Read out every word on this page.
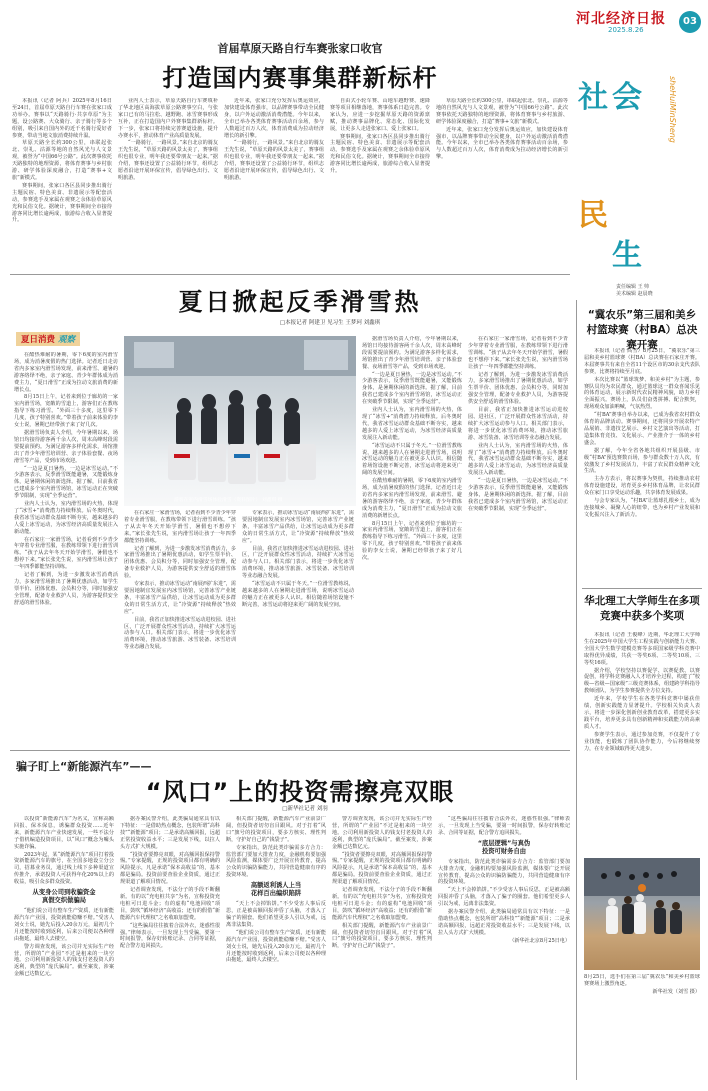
河北经济日报
2025.8.26
03
社 会
民
生
sheHuiMinSheng
责任编辑 王 帅
美术编辑 赵晨晓
首届草原天路自行车赛张家口收官
打造国内赛事集群新标杆

本报讯（记者 阿兵）2025年8月16日至24日，首届草原天路自行车赛在张家口成功举办。赛事以“天路骑行·共享草原”为主题，设公路赛、大众骑行、亲子骑行等多个组别，吸引来自国内外的近千名骑行爱好者参赛，带动当地文旅消费持续升温。

草原天路全长约300公里，串联起张北、崇礼、沽源等地的自然风光与人文景观，被誉为“中国66号公路”。此次赛事依托天路独特的地理资源，将体育赛事与乡村旅游、研学体验深度融合，打造“赛事+文旅”新模式。

赛事期间，张家口各区县同步推出骑行主题民宿、特色美食、非遗展示等配套活动，参赛选手及家属在观赛之余体验草原风光和民俗文化。据统计，赛事期间全市接待游客同比增长逾两成，旅游综合收入显著提升。

业内人士表示，草原天路自行车赛填补了华北地区高海拔草原公路赛事空白，与张家口已有的马拉松、越野跑、冰雪赛事形成互补，正在打造国内户外赛事集群新标杆。下一步，张家口将持续完善赛道设施，提升办赛水平，推动体育产业高质量发展。

“一路骑行，一路风景。”来自北京的骑友王先生说，“草原天路的风景太美了，赛事组织也很专业，明年我还要带朋友一起来。”据介绍，赛事还设置了公益骑行环节，组织志愿者沿途开展环保宣传，倡导绿色出行、文明旅游。

近年来，张家口充分发挥后奥运效应，加快建设体育强市，以品牌赛事带动全民健身，以户外运动激活消费潜能。今年以来，全市已举办各类体育赛事活动百余场，参与人数超过百万人次，体育消费成为拉动经济增长的新引擎。

“一路骑行，一路风景。”来自北京的骑友王先生说，“草原天路的风景太美了，赛事组织也很专业，明年我还要带朋友一起来。”据介绍，赛事还设置了公益骑行环节，组织志愿者沿途开展环保宣传，倡导绿色出行、文明旅游。

自由式小轮车赛、山地车越野赛、速降赛等项目相继落地，赛事体系日趋完善。专家认为，应进一步挖掘草原天路的资源禀赋，推动赛事品牌化、常态化、国际化发展，让更多人走进张家口、爱上张家口。

赛事期间，张家口各区县同步推出骑行主题民宿、特色美食、非遗展示等配套活动，参赛选手及家属在观赛之余体验草原风光和民俗文化。据统计，赛事期间全市接待游客同比增长逾两成，旅游综合收入显著提升。

草原天路全长约300公里，串联起张北、崇礼、沽源等地的自然风光与人文景观，被誉为“中国66号公路”。此次赛事依托天路独特的地理资源，将体育赛事与乡村旅游、研学体验深度融合，打造“赛事+文旅”新模式。

近年来，张家口充分发挥后奥运效应，加快建设体育强市，以品牌赛事带动全民健身，以户外运动激活消费潜能。今年以来，全市已举办各类体育赛事活动百余场，参与人数超过百万人次，体育消费成为拉动经济增长的新引擎。

夏日掀起反季滑雪热
□本报记者 阿建卫 见习生 王梦珂 刘鑫琪
夏日消费 观察

在酷热难耐的暑期，零下6度的室内滑雪场，成为消暑度假的热门选择。记者近日走访省内多家室内滑雪场发现，前来滑雪、避暑的游客络绎不绝，亲子家庭、青少年群体成为消费主力，“夏日滑雪”正成为拉动文旅消费的新增长点。

8月15日上午，记者来到位于廊坊的一家室内滑雪场，宽敞的雪道上，游客们正在教练指导下练习滑雪。“外面三十多度，这里零下几度，孩子特别喜欢。”带着孩子前来体验的李女士说，暑期已经带孩子来了好几次。

据滑雪场负责人介绍，今年暑期以来，场馆日均接待游客两千余人次，周末高峰时段需要提前预约。为满足游客多样化需求，场馆推出了青少年滑雪培训营、亲子体验套餐、夜场滑雪等产品，受到市场欢迎。

“一边是夏日暑热，一边是冰雪运动。”不少游客表示，反季滑雪既能避暑，又能锻炼身体，是暑期休闲的新选择。据了解，目前我省已建成多个室内滑雪场馆，冰雪运动正在突破季节限制，实现“全季运营”。

业内人士认为，室内滑雪场的火热，体现了“冰雪+”消费潜力持续释放。后冬奥时代，我省冰雪运动群众基础不断夯实，越来越多的人爱上冰雪运动，为冰雪经济高质量发展注入新动能。

在石家庄一家滑雪场，记者看到不少青少年穿着专业滑雪服，在教练带领下进行滑雪训练。“孩子从去年冬天开始学滑雪，暑假也不想停下来。”家长张先生说，室内滑雪场让孩子一年四季都能坚持训练。

记者了解到，为进一步激发冰雪消费活力，多家滑雪场推出了暑期优惠活动，如学生票半价、团体优惠、会员积分等，同时加强安全管理，配备专业救护人员，为游客提供安全舒适的滑雪体验。

游客在室内滑雪场体验滑雪（资料图片） 刘鑫琪 摄

在石家庄一家滑雪场，记者看到不少青少年穿着专业滑雪服，在教练带领下进行滑雪训练。“孩子从去年冬天开始学滑雪，暑假也不想停下来。”家长张先生说，室内滑雪场让孩子一年四季都能坚持训练。

记者了解到，为进一步激发冰雪消费活力，多家滑雪场推出了暑期优惠活动，如学生票半价、团体优惠、会员积分等，同时加强安全管理，配备专业救护人员，为游客提供安全舒适的滑雪体验。

专家表示，推动冰雪运动“南展西扩东进”，需要因地制宜发展室内冰雪场馆，完善冰雪产业链条，丰富冰雪产品供给，让冰雪运动成为更多群众的日常生活方式，让“冷资源”持续释放“热效应”。

目前，我省正加快推进冰雪运动进校园、进社区，广泛开展群众性冰雪活动，持续扩大冰雪运动参与人口。相关部门表示，将进一步优化冰雪消费环境，推动冰雪旅游、冰雪装备、冰雪培训等业态融合发展。

专家表示，推动冰雪运动“南展西扩东进”，需要因地制宜发展室内冰雪场馆，完善冰雪产业链条，丰富冰雪产品供给，让冰雪运动成为更多群众的日常生活方式，让“冷资源”持续释放“热效应”。

目前，我省正加快推进冰雪运动进校园、进社区，广泛开展群众性冰雪活动，持续扩大冰雪运动参与人口。相关部门表示，将进一步优化冰雪消费环境，推动冰雪旅游、冰雪装备、冰雪培训等业态融合发展。

“冰雪运动不只属于冬天。”一位滑雪教练说，越来越多的人在暑期走进滑雪场，说明冰雪运动的魅力正在被更多人认识。相信随着场馆设施不断完善，冰雪运动将迎来更广阔的发展空间。

据滑雪场负责人介绍，今年暑期以来，场馆日均接待游客两千余人次，周末高峰时段需要提前预约。为满足游客多样化需求，场馆推出了青少年滑雪培训营、亲子体验套餐、夜场滑雪等产品，受到市场欢迎。

“一边是夏日暑热，一边是冰雪运动。”不少游客表示，反季滑雪既能避暑，又能锻炼身体，是暑期休闲的新选择。据了解，目前我省已建成多个室内滑雪场馆，冰雪运动正在突破季节限制，实现“全季运营”。

业内人士认为，室内滑雪场的火热，体现了“冰雪+”消费潜力持续释放。后冬奥时代，我省冰雪运动群众基础不断夯实，越来越多的人爱上冰雪运动，为冰雪经济高质量发展注入新动能。

“冰雪运动不只属于冬天。”一位滑雪教练说，越来越多的人在暑期走进滑雪场，说明冰雪运动的魅力正在被更多人认识。相信随着场馆设施不断完善，冰雪运动将迎来更广阔的发展空间。

在酷热难耐的暑期，零下6度的室内滑雪场，成为消暑度假的热门选择。记者近日走访省内多家室内滑雪场发现，前来滑雪、避暑的游客络绎不绝，亲子家庭、青少年群体成为消费主力，“夏日滑雪”正成为拉动文旅消费的新增长点。

8月15日上午，记者来到位于廊坊的一家室内滑雪场，宽敞的雪道上，游客们正在教练指导下练习滑雪。“外面三十多度，这里零下几度，孩子特别喜欢。”带着孩子前来体验的李女士说，暑期已经带孩子来了好几次。

在石家庄一家滑雪场，记者看到不少青少年穿着专业滑雪服，在教练带领下进行滑雪训练。“孩子从去年冬天开始学滑雪，暑假也不想停下来。”家长张先生说，室内滑雪场让孩子一年四季都能坚持训练。

记者了解到，为进一步激发冰雪消费活力，多家滑雪场推出了暑期优惠活动，如学生票半价、团体优惠、会员积分等，同时加强安全管理，配备专业救护人员，为游客提供安全舒适的滑雪体验。

目前，我省正加快推进冰雪运动进校园、进社区，广泛开展群众性冰雪活动，持续扩大冰雪运动参与人口。相关部门表示，将进一步优化冰雪消费环境，推动冰雪旅游、冰雪装备、冰雪培训等业态融合发展。

业内人士认为，室内滑雪场的火热，体现了“冰雪+”消费潜力持续释放。后冬奥时代，我省冰雪运动群众基础不断夯实，越来越多的人爱上冰雪运动，为冰雪经济高质量发展注入新动能。

“一边是夏日暑热，一边是冰雪运动。”不少游客表示，反季滑雪既能避暑，又能锻炼身体，是暑期休闲的新选择。据了解，目前我省已建成多个室内滑雪场馆，冰雪运动正在突破季节限制，实现“全季运营”。

“冀农乐”第三届和美乡村篮球赛（村BA）总决赛开赛

本报讯（记者 高雪）8月25日，“冀农乐”第三届和美乡村篮球赛（村BA）总决赛在石家庄开赛。本届赛事共有来自全省11个设区市的30余支代表队参赛，比赛将持续至月底。

本次比赛以“篮球筑梦、和美乡村”为主题，参赛队员均为农民群众，通过篮球这一群众喜闻乐见的体育运动，展示新时代农民精神风貌，助力乡村全面振兴。赛场上，队员们奋勇拼搏、配合默契，现场观众加油呐喊，气氛热烈。

“村BA”赛事自举办以来，已成为我省农村群众体育的品牌活动。赛事期间，还将同步开展农特产品展销、非遗技艺展示、乡村文艺演出等活动，打造集体育竞技、文化展示、产业推介于一体的乡村盛会。

据了解，今年全省各地共组织开展县级、市级“村BA”预选赛数百场，参与群众数十万人次，有效激发了乡村发展活力，丰富了农民群众精神文化生活。

主办方表示，将以赛事为契机，持续推动农村体育设施建设，培育更多乡村体育品牌，让农民群众在家门口享受运动乐趣，共享体育发展成果。

与会专家认为，“村BA”让篮球扎根乡土，成为连接城乡、凝聚人心的纽带，也为乡村产业发展和文化振兴注入了新活力。

华北理工大学师生在多项竞赛中获多个奖项

本报讯（记者 王俊峰）近期，华北理工大学师生在2025年中国大学生工程实践与创新能力大赛、全国大学生数学建模竞赛等多项国家级学科竞赛中取得优异成绩，共获一等奖6项、二等奖10项、三等奖16项。

据介绍，学校坚持以赛促学、以赛促教、以赛促创，将学科竞赛融入人才培养全过程，构建了“校级—省级—国家级”三级竞赛体系，组建跨学科指导教师团队，为学生参赛提供全方位支持。

近年来，学校学生在各类学科竞赛中屡获佳绩，创新实践能力显著提升。学校相关负责人表示，将进一步深化创新创业教育改革，搭建更多实践平台，培养更多具有创新精神和实践能力的高素质人才。

参赛学生表示，通过参加竞赛，不仅提升了专业技能，也锻炼了团队协作能力，今后将继续努力，在专业领域取得更大进步。

8月25日，选手们在第三届“冀农乐”和美乡村篮球赛赛场上激烈角逐。

新华社发（刘雪 摄）

骗子盯上“新能源汽车”——
“风口”上的投资需擦亮双眼
□新华社记者 刘羽

以投资“新能源汽车”为名义，宣称高额回报、保本保息，诱骗群众投资……近年来，新能源汽车产业快速发展，一些不法分子借机编造投资项目，以“风口”概念为噱头实施诈骗。

2023年起，某“新能源汽车”项目打着投资新能源汽车的旗号，在全国多地设立分公司，招募业务员，通过线上线下多种渠道宣传推介，承诺投资人可获得年化20%以上的收益，吸引众多群众投资。

从变身公司到收骗资金
真假交织做骗局

“他们说公司有整车生产资质，还有新能源汽车产业园，投资就能稳赚不赔。”受害人刘女士说，她先后投入20余万元，最初几个月还能按时收到返利，后来公司便以各种理由拖延，最终人去楼空。

警方调查发现，该公司并无实际生产经营，所谓的“产业园”不过是租来的一块空地。公司利用新投资人的钱支付老投资人的返利，典型的“庞氏骗局”。截至案发，涉案金额已达数亿元。

据办案民警介绍，此类骗局通常具有以下特征：一是借助热点概念，包装所谓“高科技”“新能源”项目；二是承诺高额回报，远超正常投资收益水平；三是发展下线，以拉人头方式扩大规模。

“投资者要擦亮双眼，对高额回报保持警惕。”专家提醒，正规的投资项目都有明确的风险提示，凡是承诺“保本高收益”的，基本都是骗局。投资前要查验企业资质，通过正规渠道了解项目情况。

记者调查发现，不法分子的手段不断翻新。有的以“充电桩共享”为名，宣称投资充电桩可日进斗金；有的虚构“电池回收”项目，鼓吹“循环经济”高收益；还有的假借“新能源汽车代理权”之名收取加盟费。

“这些骗局往往披着合法外衣，迷惑性很强。”律师表示，一旦发现上当受骗，要第一时间报警，保存好转账记录、合同等证据，配合警方追回损失。

相关部门提醒，新能源汽车产业前景广阔，但投资者切勿盲目跟风。对于打着“风口”旗号的投资项目，要多方核实、理性判断，守护好自己的“钱袋子”。

专家指出，防范此类诈骗需多方合力：监管部门要加大排查力度，金融机构要加强风险监测，媒体要广泛开展宣传教育，提高公众的识骗防骗能力，共同营造健康有序的投资环境。

高额返利诱人上当
花样百出编织陷阱

“天上不会掉馅饼。”不少受害人事后反思，正是被高额回报冲昏了头脑，才落入了骗子的圈套。他们希望更多人引以为戒，远离非法集资。

“他们说公司有整车生产资质，还有新能源汽车产业园，投资就能稳赚不赔。”受害人刘女士说，她先后投入20余万元，最初几个月还能按时收到返利，后来公司便以各种理由拖延，最终人去楼空。

警方调查发现，该公司并无实际生产经营，所谓的“产业园”不过是租来的一块空地。公司利用新投资人的钱支付老投资人的返利，典型的“庞氏骗局”。截至案发，涉案金额已达数亿元。

“投资者要擦亮双眼，对高额回报保持警惕。”专家提醒，正规的投资项目都有明确的风险提示，凡是承诺“保本高收益”的，基本都是骗局。投资前要查验企业资质，通过正规渠道了解项目情况。

记者调查发现，不法分子的手段不断翻新。有的以“充电桩共享”为名，宣称投资充电桩可日进斗金；有的虚构“电池回收”项目，鼓吹“循环经济”高收益；还有的假借“新能源汽车代理权”之名收取加盟费。

相关部门提醒，新能源汽车产业前景广阔，但投资者切勿盲目跟风。对于打着“风口”旗号的投资项目，要多方核实、理性判断，守护好自己的“钱袋子”。

“这些骗局往往披着合法外衣，迷惑性很强。”律师表示，一旦发现上当受骗，要第一时间报警，保存好转账记录、合同等证据，配合警方追回损失。

“底层逻辑”与真伪
投资可财务自由

专家指出，防范此类诈骗需多方合力：监管部门要加大排查力度，金融机构要加强风险监测，媒体要广泛开展宣传教育，提高公众的识骗防骗能力，共同营造健康有序的投资环境。

“天上不会掉馅饼。”不少受害人事后反思，正是被高额回报冲昏了头脑，才落入了骗子的圈套。他们希望更多人引以为戒，远离非法集资。

据办案民警介绍，此类骗局通常具有以下特征：一是借助热点概念，包装所谓“高科技”“新能源”项目；二是承诺高额回报，远超正常投资收益水平；三是发展下线，以拉人头方式扩大规模。

（新华社北京8月25日电）
